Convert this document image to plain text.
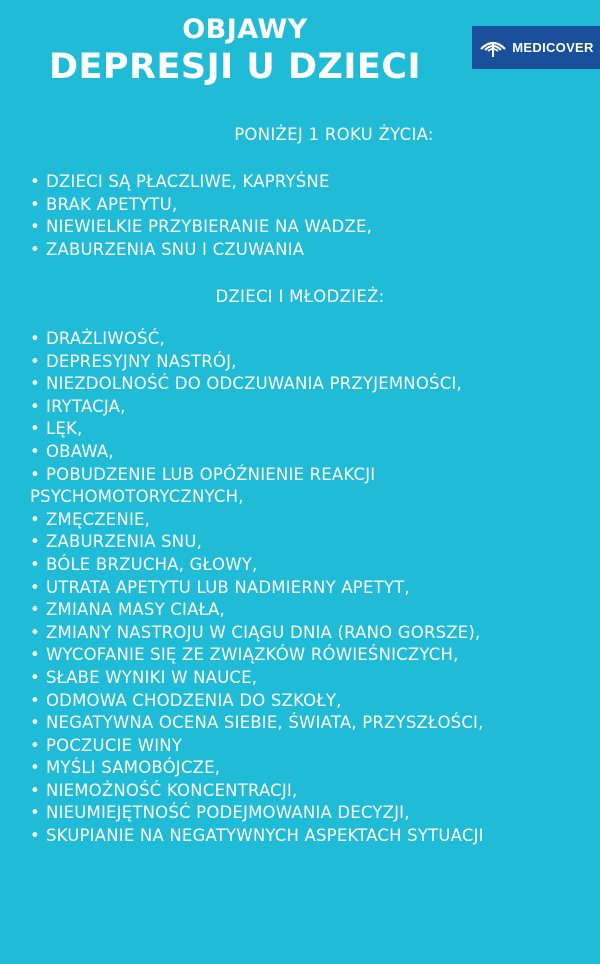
OBJAWY
DEPRESJI U DZIECI	MEDICOVER
PONIŻEJ 1 ROKU ŻYCIA:
• DZIECI SĄ PŁACZLIWE, KAPRYŚNE
• BRAK APETYTU,
• NIEWIELKIE PRZYBIERANIE NA WADZE,
• ZABURZENIA SNU I CZUWANIA
DZIECI I MŁODZIEŻ:
• DRAŻLIWOŚĆ,
• DEPRESYJNY NASTRÓJ,
• NIEZDOLNOŚĆ DO ODCZUWANIA PRZYJEMNOŚCI,
• IRYTACJA,
• LĘK,
• OBAWA,
• POBUDZENIE LUB OPÓŹNIENIE REAKCJI PSYCHOMOTORYCZNYCH,
• ZMĘCZENIE,
• ZABURZENIA SNU,
• BÓLE BRZUCHA, GŁOWY,
• UTRATA APETYTU LUB NADMIERNY APETYT,
• ZMIANA MASY CIAŁA,
• ZMIANY NASTROJU W CIĄGU DNIA (RANO GORSZE),
• WYCOFANIE SIĘ ZE ZWIĄZKÓW RÓWIEŚNICZYCH,
• SŁABE WYNIKI W NAUCE,
• ODMOWA CHODZENIA DO SZKOŁY,
• NEGATYWNA OCENA SIEBIE, ŚWIATA, PRZYSZŁOŚCI,
• POCZUCIE WINY
• MYŚLI SAMOBÓJCZE,
• NIEMOŻNOŚĆ KONCENTRACJI,
• NIEUMIEJĘTNOŚĆ PODEJMOWANIA DECYZJI,
• SKUPIANIE NA NEGATYWNYCH ASPEKTACH SYTUACJI
